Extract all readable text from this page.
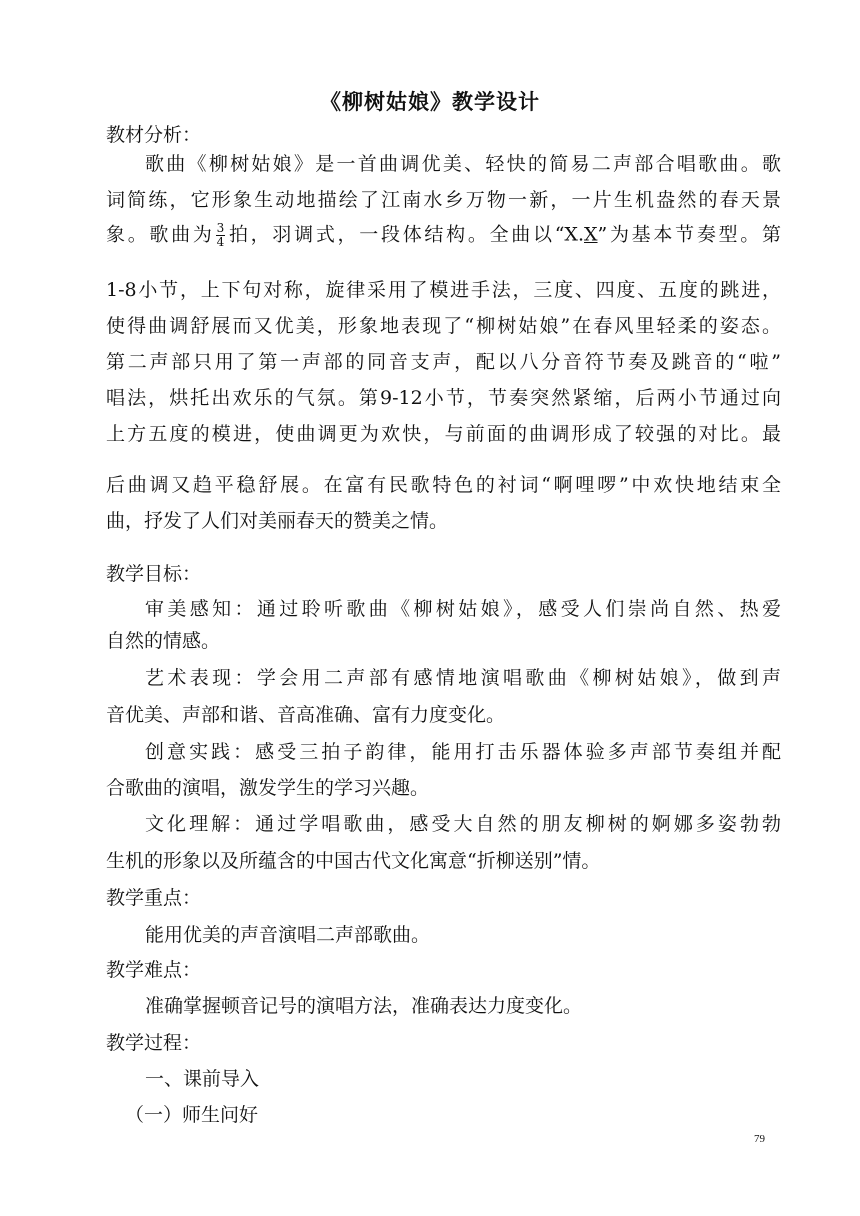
《柳树姑娘》教学设计
教材分析：
歌曲《柳树姑娘》是一首曲调优美、轻快的简易二声部合唱歌曲。歌
词简练，它形象生动地描绘了江南水乡万物一新，一片生机盎然的春天景
象。歌曲为 $\frac{3}{4}$ 拍，羽调式，一段体结构。全曲以“X.X”为基本节奏型。第
1-8小节，上下句对称，旋律采用了模进手法，三度、四度、五度的跳进，
使得曲调舒展而又优美，形象地表现了“柳树姑娘”在春风里轻柔的姿态。
第二声部只用了第一声部的同音支声，配以八分音符节奏及跳音的“啦”
唱法，烘托出欢乐的气氛。第9-12小节，节奏突然紧缩，后两小节通过向
上方五度的模进，使曲调更为欢快，与前面的曲调形成了较强的对比。最
后曲调又趋平稳舒展。在富有民歌特色的衬词“啊哩啰”中欢快地结束全
曲，抒发了人们对美丽春天的赞美之情。
教学目标：
审美感知：通过聆听歌曲《柳树姑娘》，感受人们崇尚自然、热爱
自然的情感。
艺术表现：学会用二声部有感情地演唱歌曲《柳树姑娘》，做到声
音优美、声部和谐、音高准确、富有力度变化。
创意实践：感受三拍子韵律，能用打击乐器体验多声部节奏组并配
合歌曲的演唱，激发学生的学习兴趣。
文化理解：通过学唱歌曲，感受大自然的朋友柳树的婀娜多姿勃勃
生机的形象以及所蕴含的中国古代文化寓意“折柳送别”情。
教学重点：
能用优美的声音演唱二声部歌曲。
教学难点：
准确掌握顿音记号的演唱方法，准确表达力度变化。
教学过程：
一、课前导入
（一）师生问好
79
